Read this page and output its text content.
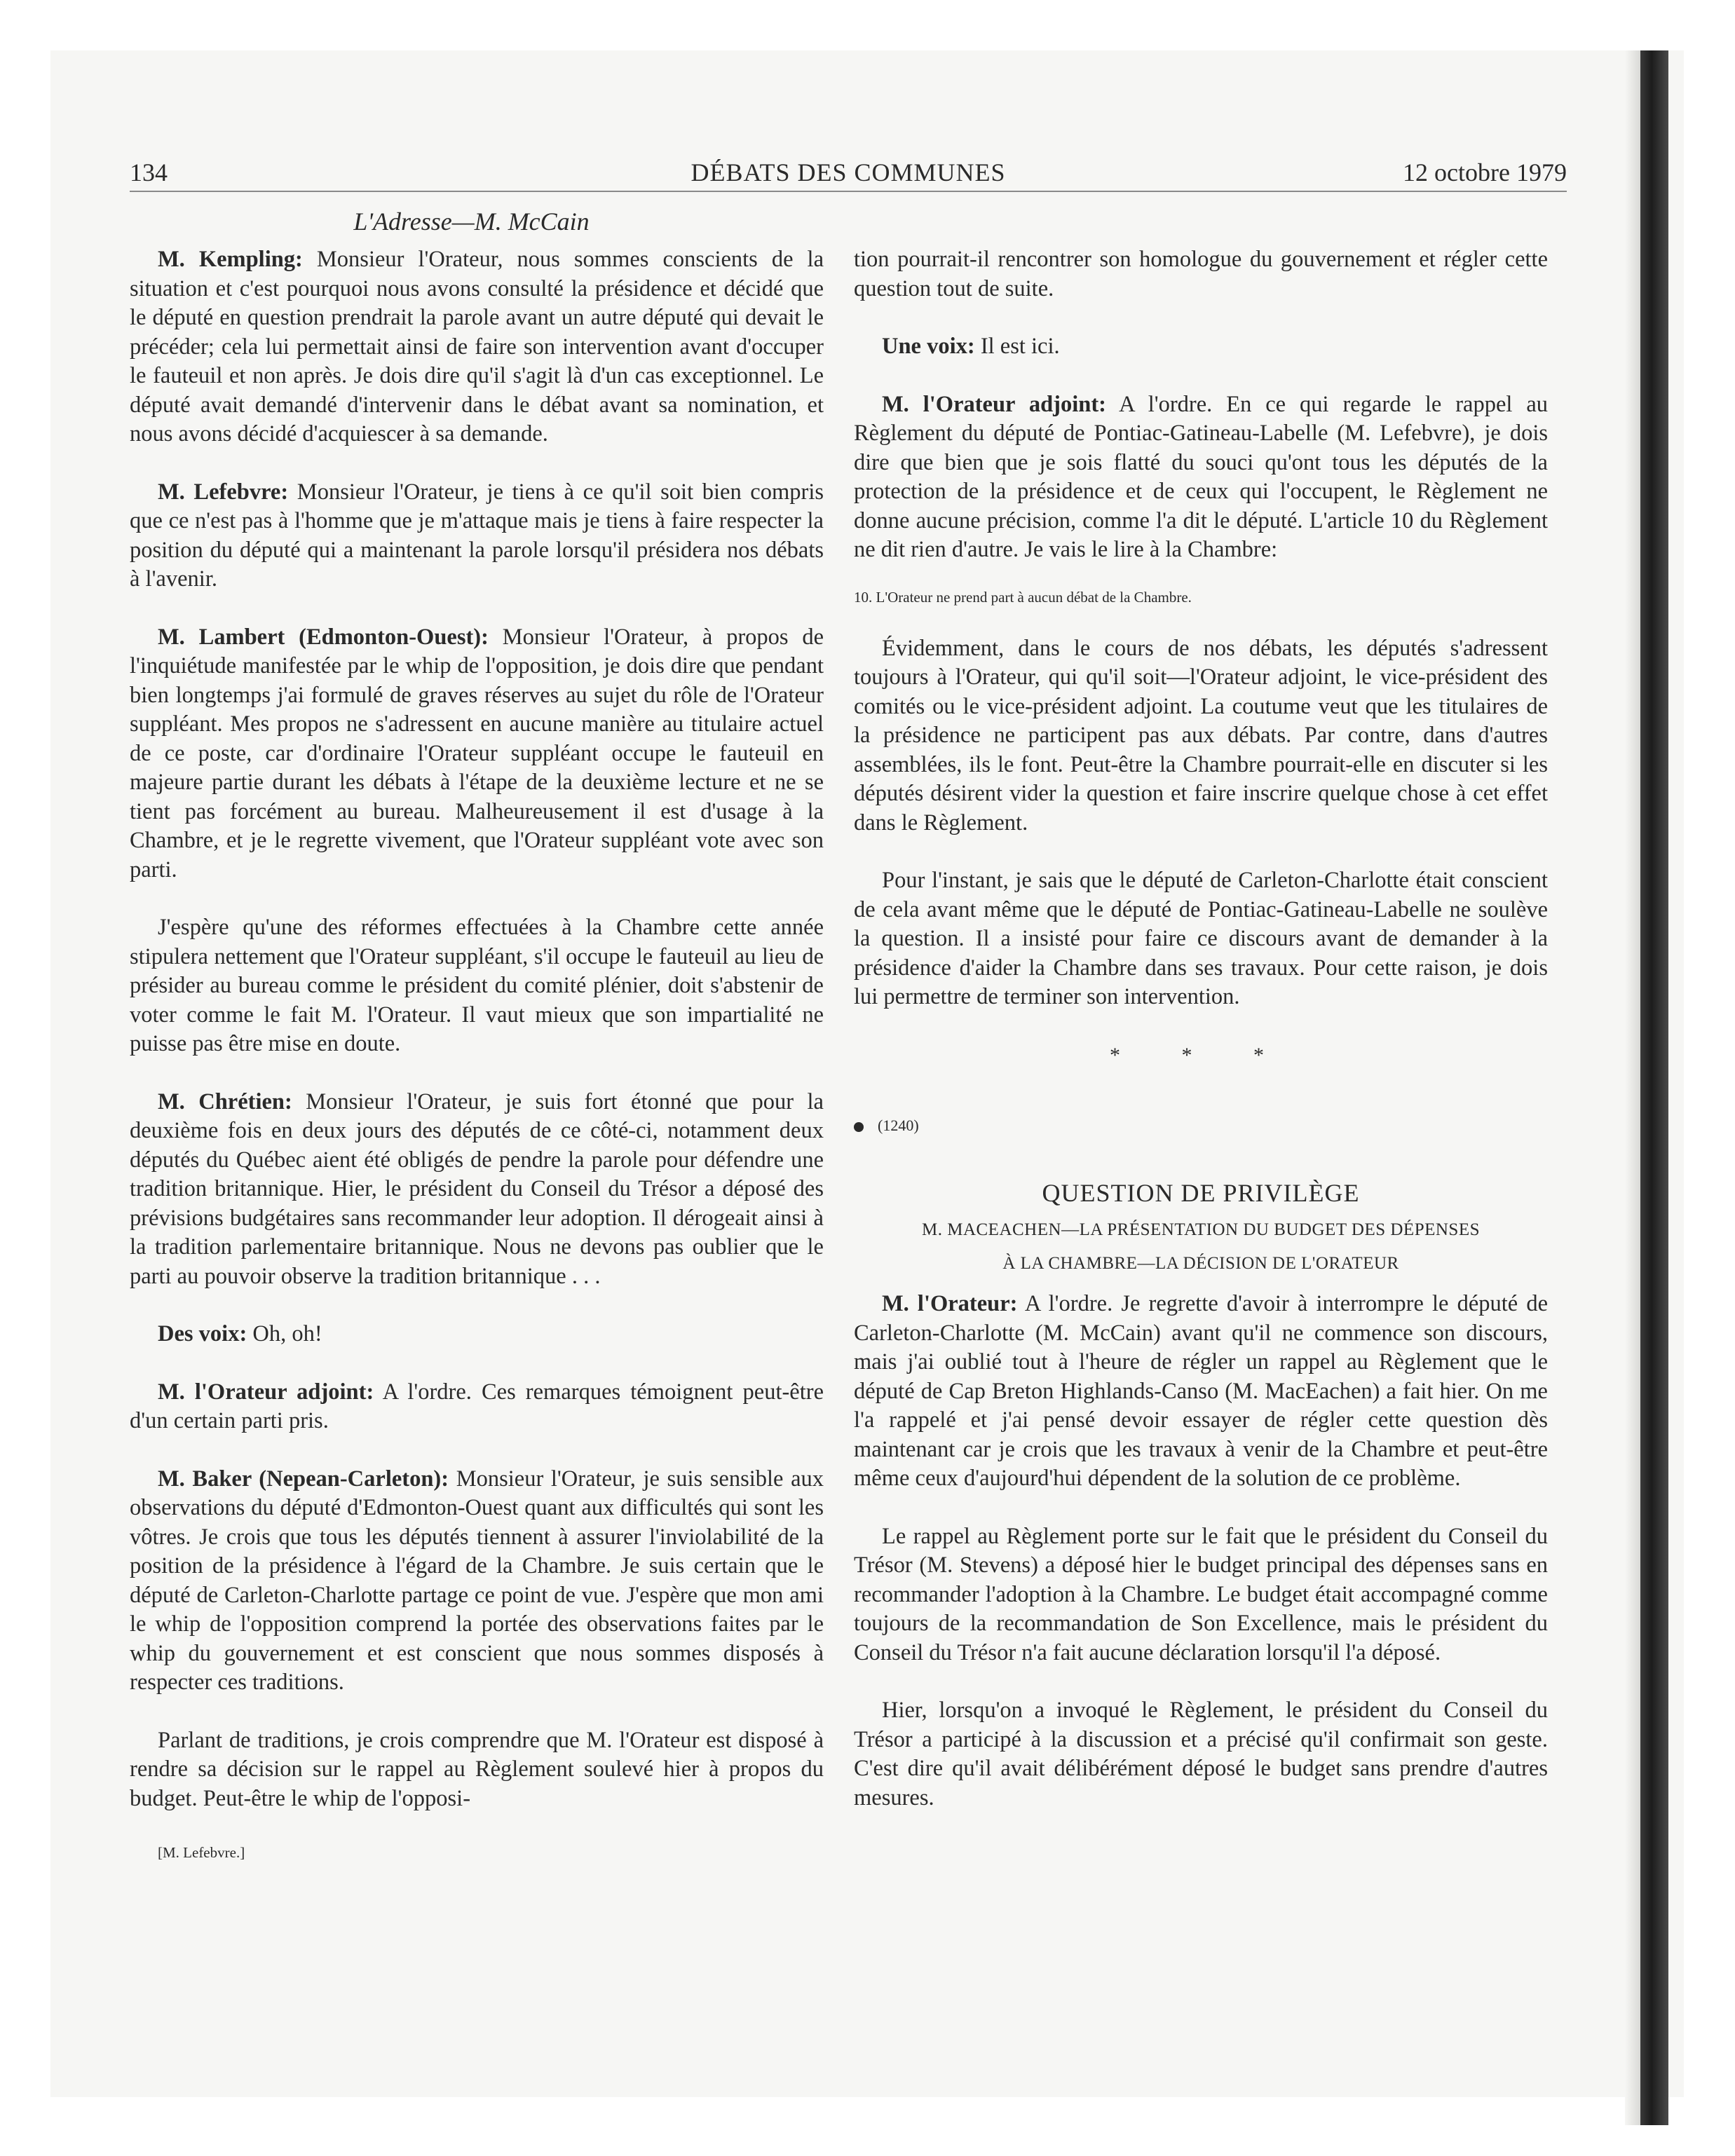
134	DÉBATS DES COMMUNES	12 octobre 1979
L'Adresse—M. McCain

M. Kempling: Monsieur l'Orateur, nous sommes conscients de la situation et c'est pourquoi nous avons consulté la présidence et décidé que le député en question prendrait la parole avant un autre député qui devait le précéder; cela lui permettait ainsi de faire son intervention avant d'occuper le fauteuil et non après. Je dois dire qu'il s'agit là d'un cas exceptionnel. Le député avait demandé d'intervenir dans le débat avant sa nomination, et nous avons décidé d'acquiescer à sa demande.

M. Lefebvre: Monsieur l'Orateur, je tiens à ce qu'il soit bien compris que ce n'est pas à l'homme que je m'attaque mais je tiens à faire respecter la position du député qui a maintenant la parole lorsqu'il présidera nos débats à l'avenir.

M. Lambert (Edmonton-Ouest): Monsieur l'Orateur, à propos de l'inquiétude manifestée par le whip de l'opposition, je dois dire que pendant bien longtemps j'ai formulé de graves réserves au sujet du rôle de l'Orateur suppléant. Mes propos ne s'adressent en aucune manière au titulaire actuel de ce poste, car d'ordinaire l'Orateur suppléant occupe le fauteuil en majeure partie durant les débats à l'étape de la deuxième lecture et ne se tient pas forcément au bureau. Malheureusement il est d'usage à la Chambre, et je le regrette vivement, que l'Orateur suppléant vote avec son parti.

J'espère qu'une des réformes effectuées à la Chambre cette année stipulera nettement que l'Orateur suppléant, s'il occupe le fauteuil au lieu de présider au bureau comme le président du comité plénier, doit s'abstenir de voter comme le fait M. l'Orateur. Il vaut mieux que son impartialité ne puisse pas être mise en doute.

M. Chrétien: Monsieur l'Orateur, je suis fort étonné que pour la deuxième fois en deux jours des députés de ce côté-ci, notamment deux députés du Québec aient été obligés de pendre la parole pour défendre une tradition britannique. Hier, le président du Conseil du Trésor a déposé des prévisions budgétaires sans recommander leur adoption. Il dérogeait ainsi à la tradition parlementaire britannique. Nous ne devons pas oublier que le parti au pouvoir observe la tradition britannique . . .

Des voix: Oh, oh!

M. l'Orateur adjoint: A l'ordre. Ces remarques témoignent peut-être d'un certain parti pris.

M. Baker (Nepean-Carleton): Monsieur l'Orateur, je suis sensible aux observations du député d'Edmonton-Ouest quant aux difficultés qui sont les vôtres. Je crois que tous les députés tiennent à assurer l'inviolabilité de la position de la présidence à l'égard de la Chambre. Je suis certain que le député de Carleton-Charlotte partage ce point de vue. J'espère que mon ami le whip de l'opposition comprend la portée des observations faites par le whip du gouvernement et est conscient que nous sommes disposés à respecter ces traditions.

Parlant de traditions, je crois comprendre que M. l'Orateur est disposé à rendre sa décision sur le rappel au Règlement soulevé hier à propos du budget. Peut-être le whip de l'opposi-

[M. Lefebvre.]

tion pourrait-il rencontrer son homologue du gouvernement et régler cette question tout de suite.

Une voix: Il est ici.

M. l'Orateur adjoint: A l'ordre. En ce qui regarde le rappel au Règlement du député de Pontiac-Gatineau-Labelle (M. Lefebvre), je dois dire que bien que je sois flatté du souci qu'ont tous les députés de la protection de la présidence et de ceux qui l'occupent, le Règlement ne donne aucune précision, comme l'a dit le député. L'article 10 du Règlement ne dit rien d'autre. Je vais le lire à la Chambre:

10. L'Orateur ne prend part à aucun débat de la Chambre.

Évidemment, dans le cours de nos débats, les députés s'adressent toujours à l'Orateur, qui qu'il soit—l'Orateur adjoint, le vice-président des comités ou le vice-président adjoint. La coutume veut que les titulaires de la présidence ne participent pas aux débats. Par contre, dans d'autres assemblées, ils le font. Peut-être la Chambre pourrait-elle en discuter si les députés désirent vider la question et faire inscrire quelque chose à cet effet dans le Règlement.

Pour l'instant, je sais que le député de Carleton-Charlotte était conscient de cela avant même que le député de Pontiac-Gatineau-Labelle ne soulève la question. Il a insisté pour faire ce discours avant de demander à la présidence d'aider la Chambre dans ses travaux. Pour cette raison, je dois lui permettre de terminer son intervention.

* * *
(1240)
QUESTION DE PRIVILÈGE
M. MACEACHEN—LA PRÉSENTATION DU BUDGET DES DÉPENSES
À LA CHAMBRE—LA DÉCISION DE L'ORATEUR

M. l'Orateur: A l'ordre. Je regrette d'avoir à interrompre le député de Carleton-Charlotte (M. McCain) avant qu'il ne commence son discours, mais j'ai oublié tout à l'heure de régler un rappel au Règlement que le député de Cap Breton Highlands-Canso (M. MacEachen) a fait hier. On me l'a rappelé et j'ai pensé devoir essayer de régler cette question dès maintenant car je crois que les travaux à venir de la Chambre et peut-être même ceux d'aujourd'hui dépendent de la solution de ce problème.

Le rappel au Règlement porte sur le fait que le président du Conseil du Trésor (M. Stevens) a déposé hier le budget principal des dépenses sans en recommander l'adoption à la Chambre. Le budget était accompagné comme toujours de la recommandation de Son Excellence, mais le président du Conseil du Trésor n'a fait aucune déclaration lorsqu'il l'a déposé.

Hier, lorsqu'on a invoqué le Règlement, le président du Conseil du Trésor a participé à la discussion et a précisé qu'il confirmait son geste. C'est dire qu'il avait délibérément déposé le budget sans prendre d'autres mesures.
